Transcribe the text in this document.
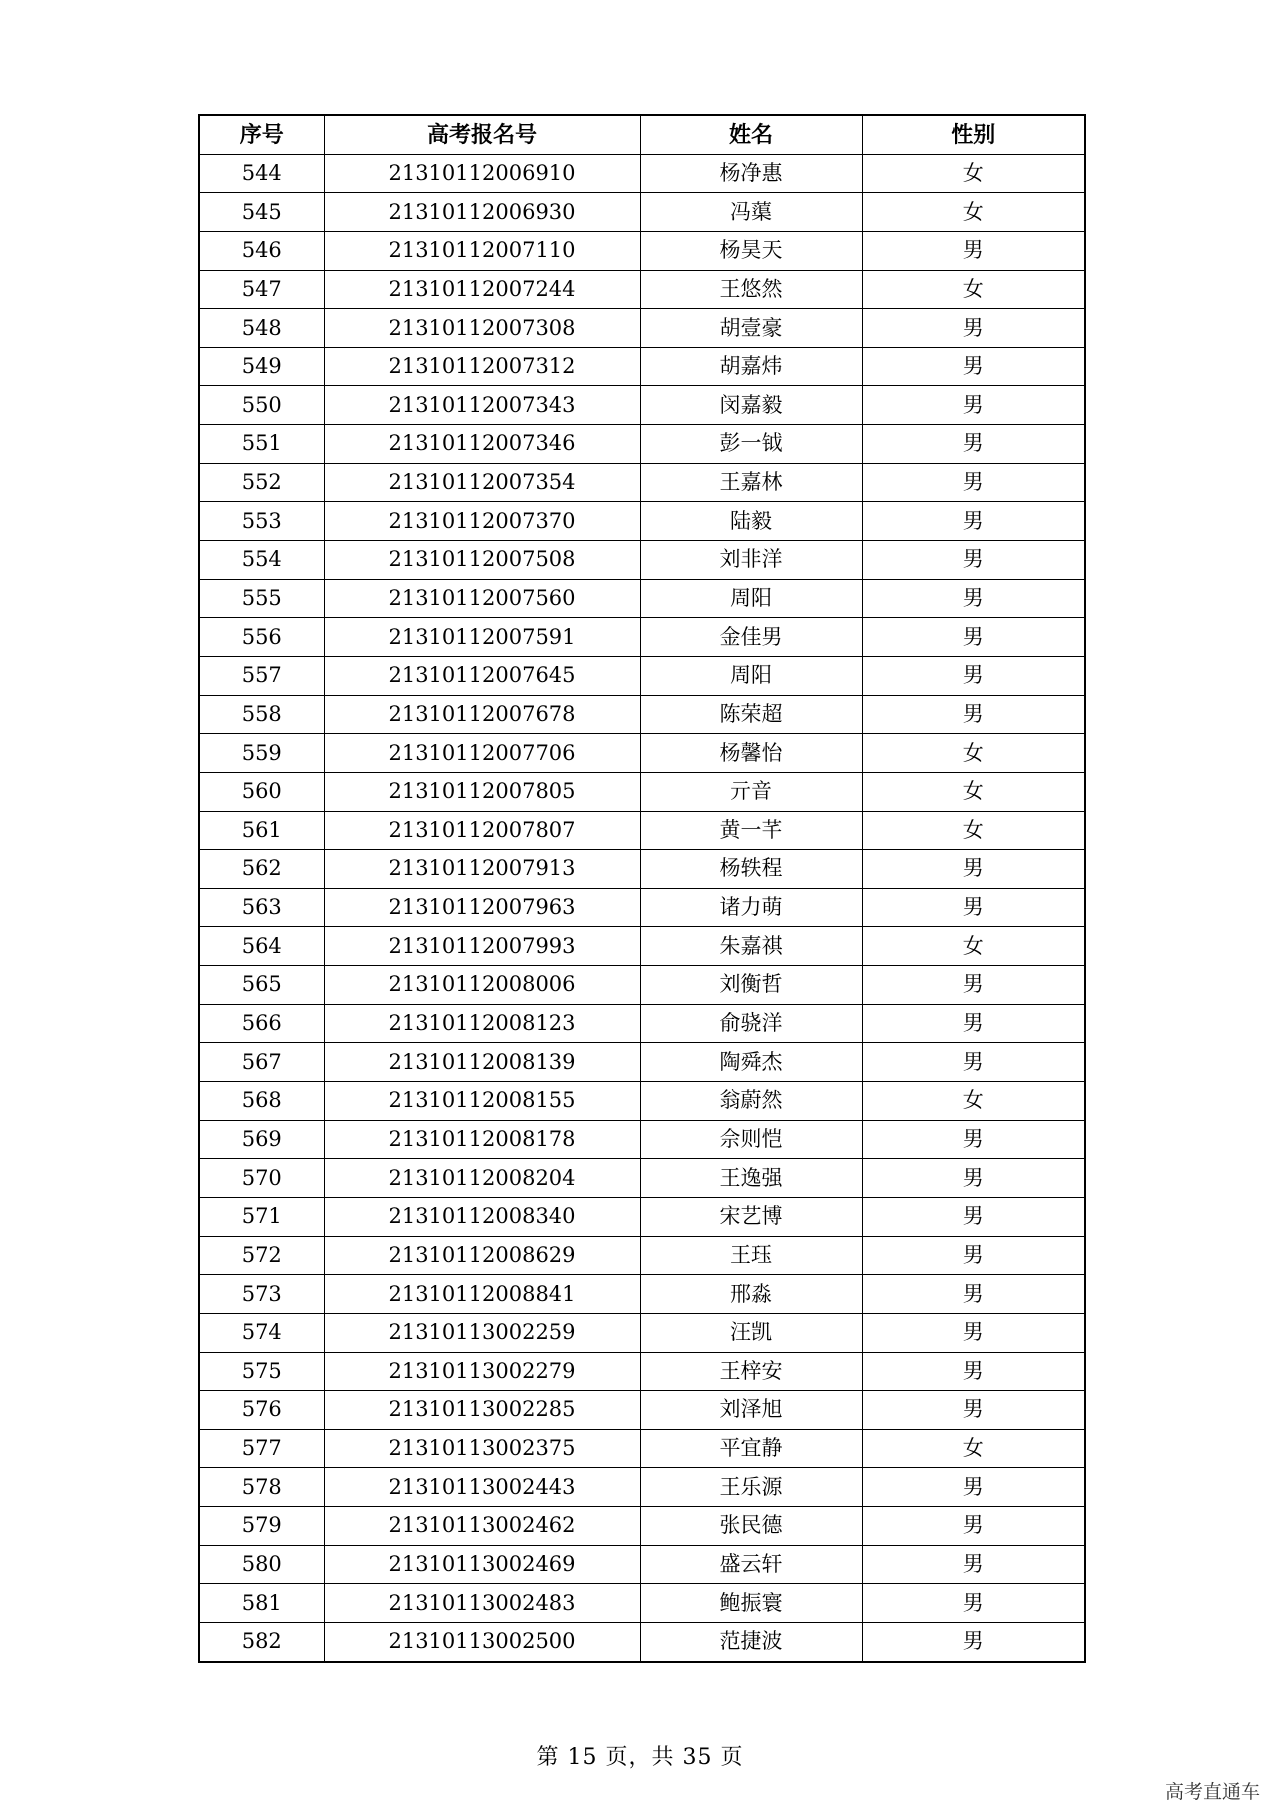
序号	高考报名号	姓名	性别
544	21310112006910	杨净惠	女
545	21310112006930	冯蕖	女
546	21310112007110	杨昊天	男
547	21310112007244	王悠然	女
548	21310112007308	胡壹豪	男
549	21310112007312	胡嘉炜	男
550	21310112007343	闵嘉毅	男
551	21310112007346	彭一钺	男
552	21310112007354	王嘉林	男
553	21310112007370	陆毅	男
554	21310112007508	刘非洋	男
555	21310112007560	周阳	男
556	21310112007591	金佳男	男
557	21310112007645	周阳	男
558	21310112007678	陈荣超	男
559	21310112007706	杨馨怡	女
560	21310112007805	亓音	女
561	21310112007807	黄一芊	女
562	21310112007913	杨轶程	男
563	21310112007963	诸力萌	男
564	21310112007993	朱嘉祺	女
565	21310112008006	刘衡哲	男
566	21310112008123	俞骁洋	男
567	21310112008139	陶舜杰	男
568	21310112008155	翁蔚然	女
569	21310112008178	佘则恺	男
570	21310112008204	王逸强	男
571	21310112008340	宋艺博	男
572	21310112008629	王珏	男
573	21310112008841	邢淼	男
574	21310113002259	汪凯	男
575	21310113002279	王梓安	男
576	21310113002285	刘泽旭	男
577	21310113002375	平宜静	女
578	21310113002443	王乐源	男
579	21310113002462	张民德	男
580	21310113002469	盛云轩	男
581	21310113002483	鲍振寰	男
582	21310113002500	范捷波	男
第 15 页，共 35 页
高考直通车
